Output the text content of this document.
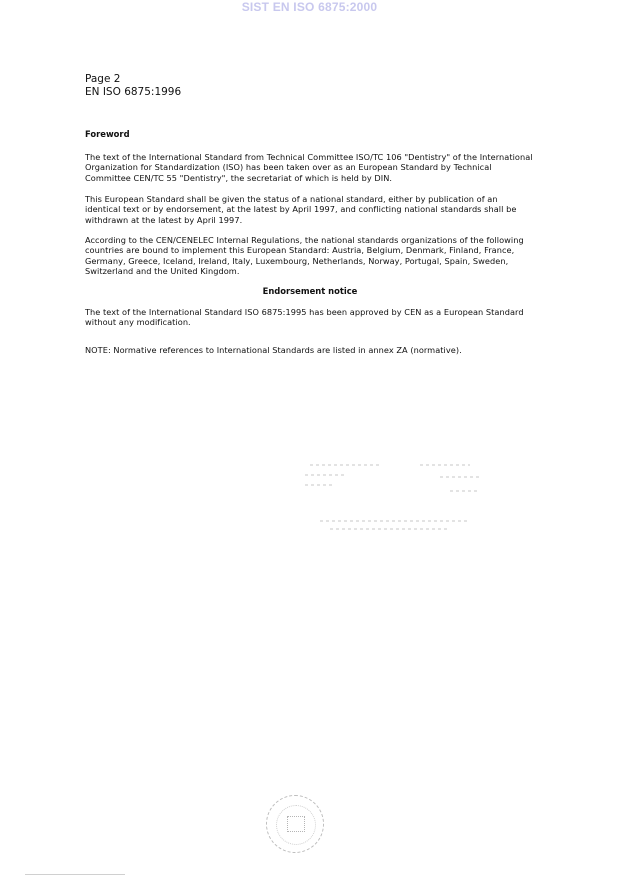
SIST EN ISO 6875:2000
Page 2
EN ISO 6875:1996
Foreword
The text of the International Standard from Technical Committee ISO/TC 106 "Dentistry" of the International Organization for Standardization (ISO) has been taken over as an European Standard by Technical Committee CEN/TC 55 "Dentistry", the secretariat of which is held by DIN.
This European Standard shall be given the status of a national standard, either by publication of an identical text or by endorsement, at the latest by April 1997, and conflicting national standards shall be withdrawn at the latest by April 1997.
According to the CEN/CENELEC Internal Regulations, the national standards organizations of the following countries are bound to implement this European Standard: Austria, Belgium, Denmark, Finland, France, Germany, Greece, Iceland, Ireland, Italy, Luxembourg, Netherlands, Norway, Portugal, Spain, Sweden, Switzerland and the United Kingdom.
Endorsement notice
The text of the International Standard ISO 6875:1995 has been approved by CEN as a European Standard without any modification.
NOTE: Normative references to International Standards are listed in annex ZA (normative).
